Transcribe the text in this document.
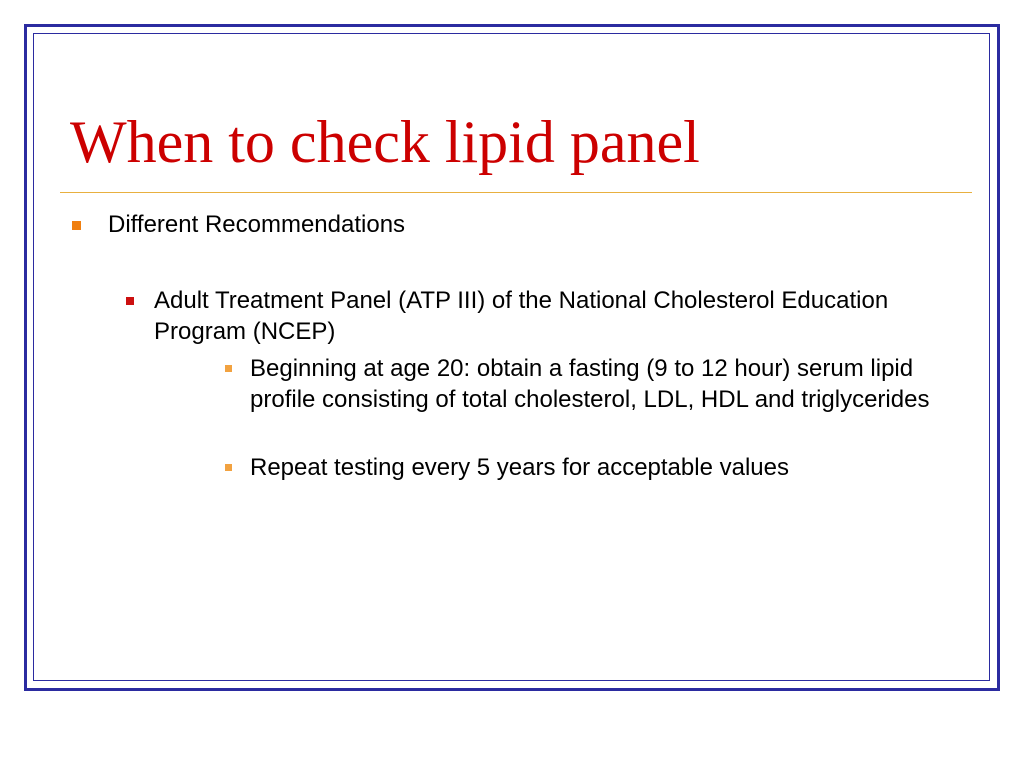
When to check lipid panel
Different Recommendations
Adult Treatment Panel (ATP III) of the National Cholesterol Education Program (NCEP)
Beginning at age 20: obtain a fasting (9 to 12 hour) serum lipid profile consisting of total cholesterol, LDL, HDL and triglycerides
Repeat testing every 5 years for acceptable values
